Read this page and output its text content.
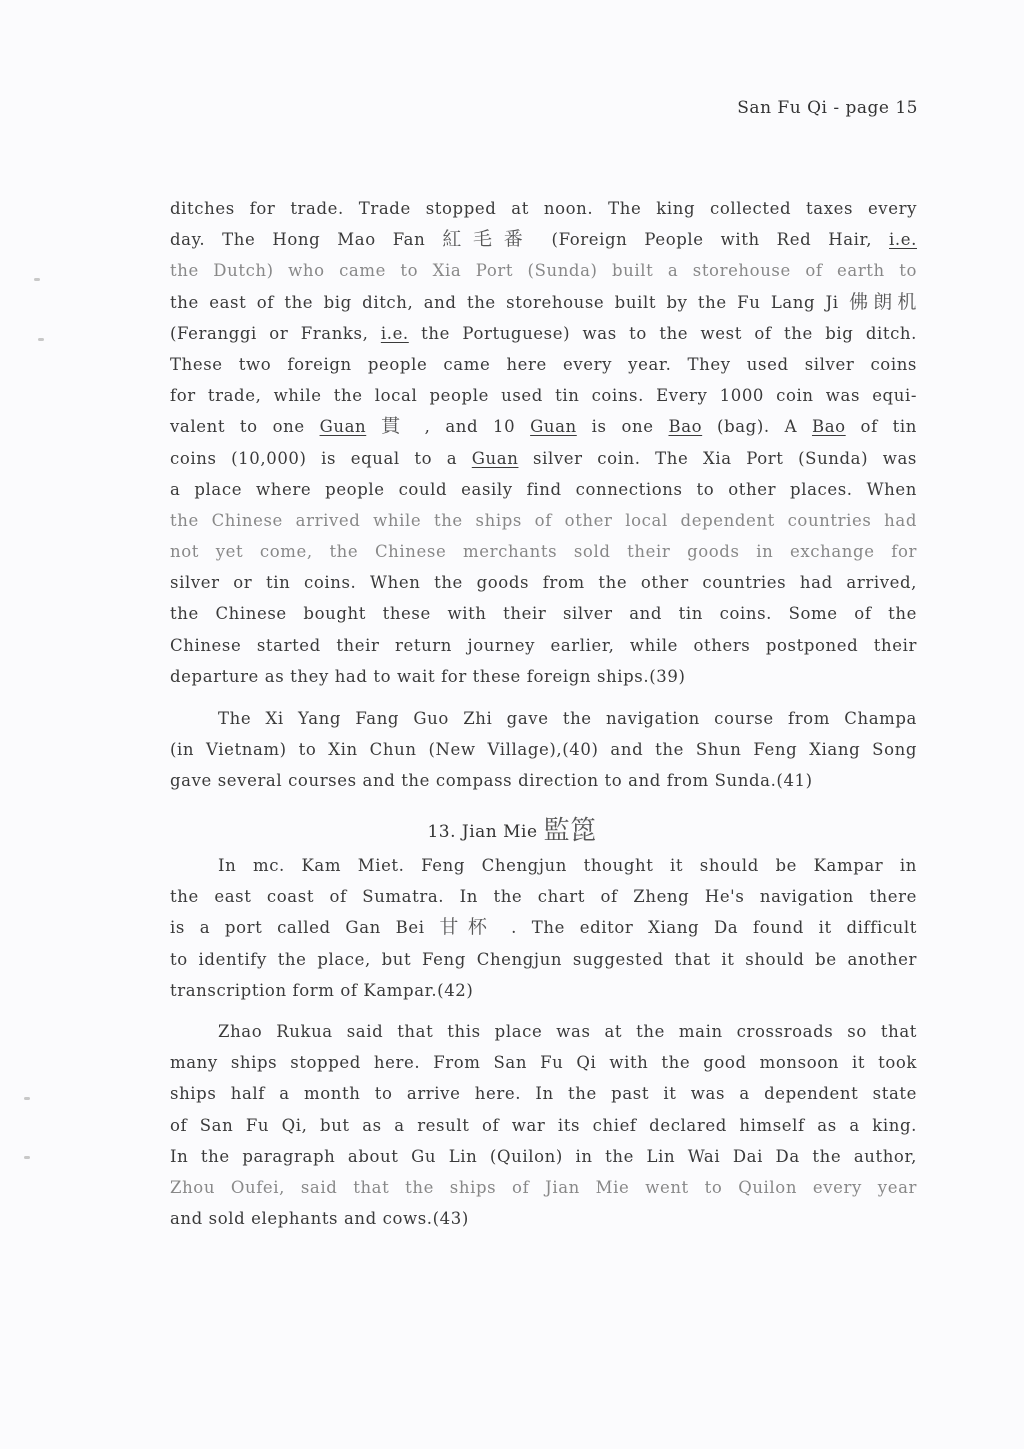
San Fu Qi - page 15
ditches for trade. Trade stopped at noon. The king collected taxes every
day. The Hong Mao Fan 紅毛番 (Foreign People with Red Hair, i.e.
the Dutch) who came to Xia Port (Sunda) built a storehouse of earth to
the east of the big ditch, and the storehouse built by the Fu Lang Ji 佛朗机
(Feranggi or Franks, i.e. the Portuguese) was to the west of the big ditch.
These two foreign people came here every year. They used silver coins
for trade, while the local people used tin coins. Every 1000 coin was equi-
valent to one Guan 貫 , and 10 Guan is one Bao (bag). A Bao of tin
coins (10,000) is equal to a Guan silver coin. The Xia Port (Sunda) was
a place where people could easily find connections to other places. When
the Chinese arrived while the ships of other local dependent countries had
not yet come, the Chinese merchants sold their goods in exchange for
silver or tin coins. When the goods from the other countries had arrived,
the Chinese bought these with their silver and tin coins. Some of the
Chinese started their return journey earlier, while others postponed their
departure as they had to wait for these foreign ships.(39)
The Xi Yang Fang Guo Zhi gave the navigation course from Champa
(in Vietnam) to Xin Chun (New Village),(40) and the Shun Feng Xiang Song
gave several courses and the compass direction to and from Sunda.(41)
13. Jian Mie 監箆
In mc. Kam Miet. Feng Chengjun thought it should be Kampar in
the east coast of Sumatra. In the chart of Zheng He's navigation there
is a port called Gan Bei 甘杯 . The editor Xiang Da found it difficult
to identify the place, but Feng Chengjun suggested that it should be another
transcription form of Kampar.(42)
Zhao Rukua said that this place was at the main crossroads so that
many ships stopped here. From San Fu Qi with the good monsoon it took
ships half a month to arrive here. In the past it was a dependent state
of San Fu Qi, but as a result of war its chief declared himself as a king.
In the paragraph about Gu Lin (Quilon) in the Lin Wai Dai Da the author,
Zhou Oufei, said that the ships of Jian Mie went to Quilon every year
and sold elephants and cows.(43)
